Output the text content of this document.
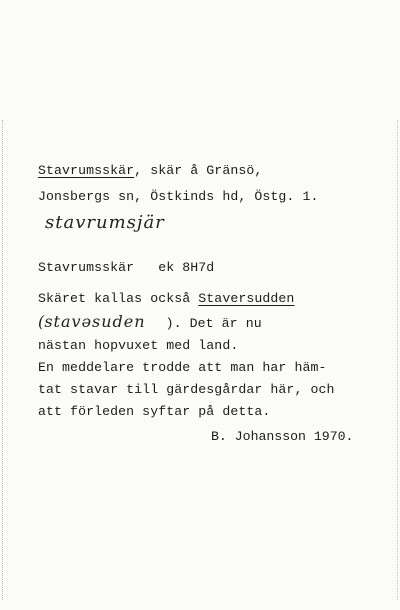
Stavrumsskär, skär å Gränsö,
Jonsbergs sn, Östkinds hd, Östg. 1.
stavrumsjär
Stavrumsskär   ek 8H7d
Skäret kallas också Staversudden
(stavəsuden ). Det är nu
nästan hopvuxet med land.
En meddelare trodde att man har häm-
tat stavar till gärdesgårdar här, och
att förleden syftar på detta.
B. Johansson 1970.
